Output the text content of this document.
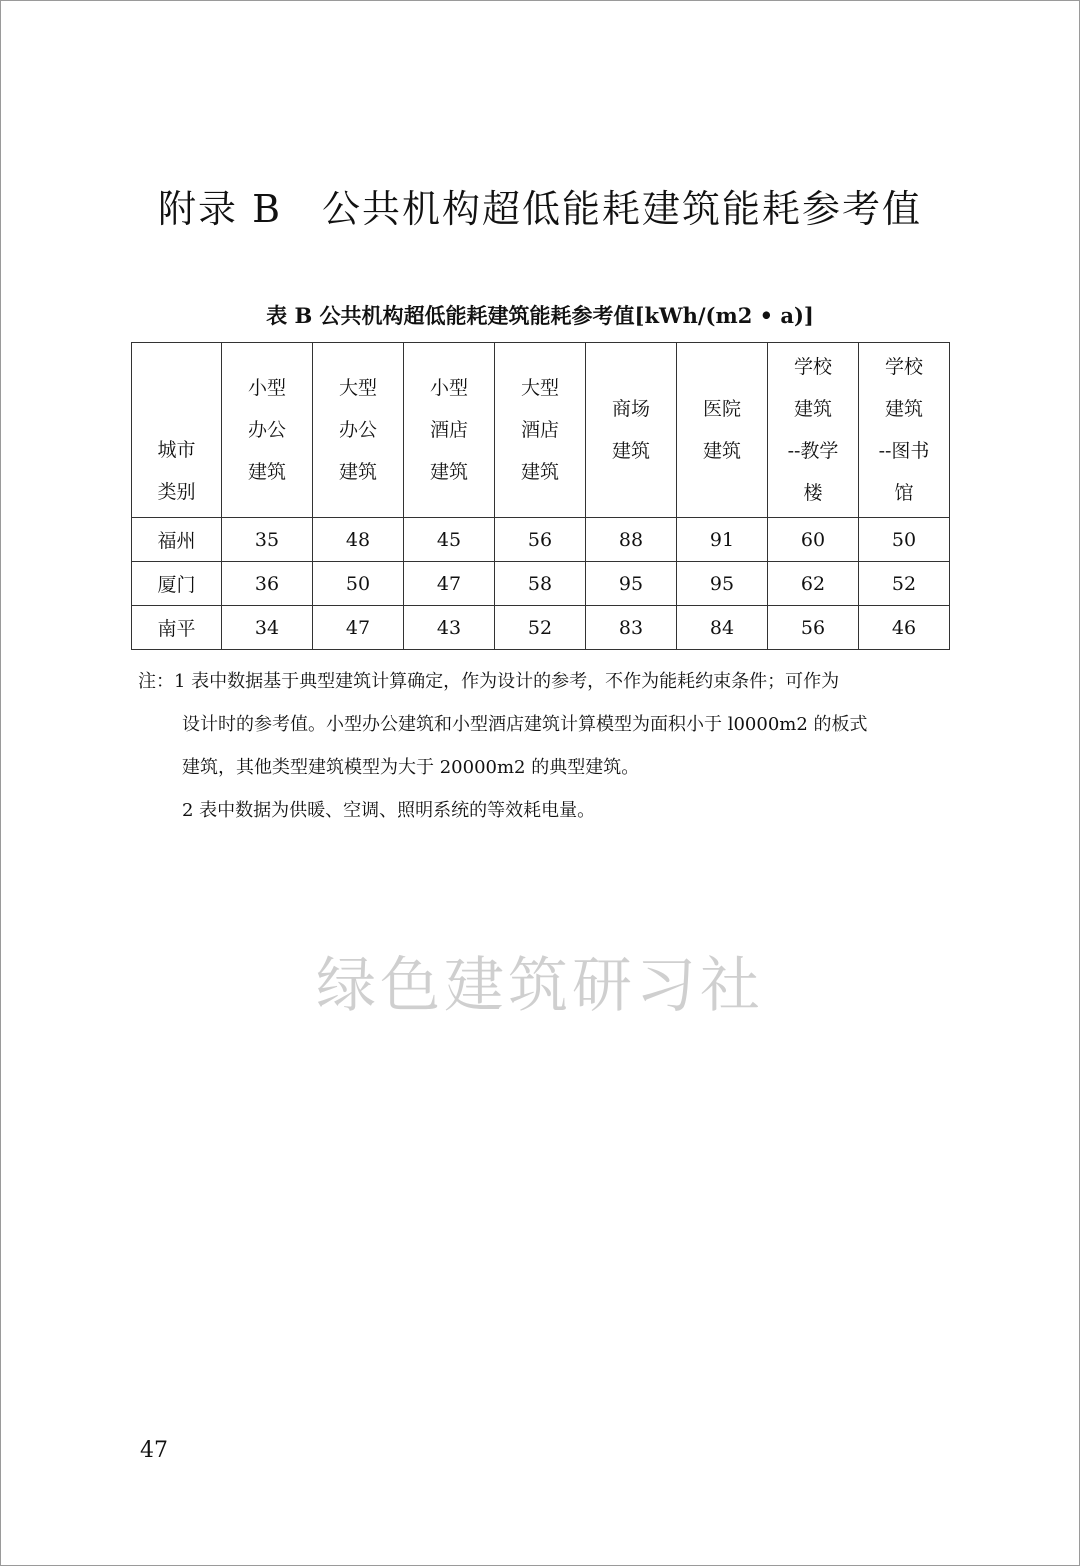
附录 B　公共机构超低能耗建筑能耗参考值
表 B 公共机构超低能耗建筑能耗参考值[kWh/(m2 • a)]
城市
类别	小型
办公
建筑	大型
办公
建筑	小型
酒店
建筑	大型
酒店
建筑	商场
建筑	医院
建筑	学校
建筑
--教学
楼	学校
建筑
--图书
馆

福州	35	48	45	56	88	91	60	50
厦门	36	50	47	58	95	95	62	52
南平	34	47	43	52	83	84	56	46

注：1 表中数据基于典型建筑计算确定，作为设计的参考，不作为能耗约束条件；可作为

设计时的参考值。小型办公建筑和小型酒店建筑计算模型为面积小于 l0000m2 的板式

建筑，其他类型建筑模型为大于 20000m2 的典型建筑。

2 表中数据为供暖、空调、照明系统的等效耗电量。

绿色建筑研习社
47
